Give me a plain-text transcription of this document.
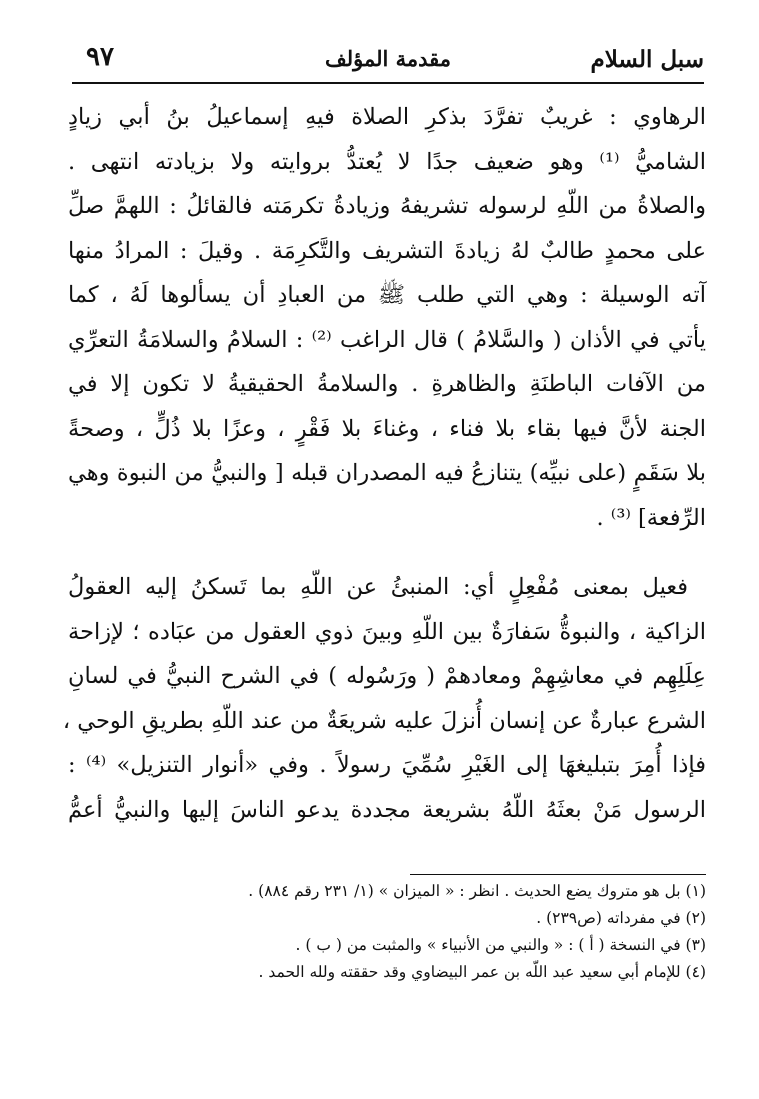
سبل السلام
مقدمة المؤلف
٩٧
الرهاوي : غريبٌ تفرَّدَ بذكرِ الصلاة فيهِ إسماعيلُ بنُ أبي زيادٍ
الشاميُّ ⁽¹⁾ وهو ضعيف جدًا لا يُعتدُّ بروايته ولا بزيادته انتهى .
والصلاةُ من اللّهِ لرسوله تشريفهُ وزيادةُ تكرمَته فالقائلُ : اللهمَّ صلِّ
على محمدٍ طالبٌ لهُ زيادةَ التشريف والتَّكرِمَة . وقيلَ : المرادُ منها
آته الوسيلة : وهي التي طلب ﷺ من العبادِ أن يسألوها لَهُ ، كما
يأتي في الأذان ( والسَّلامُ ) قال الراغب ⁽²⁾ : السلامُ والسلامَةُ التعرِّي
من الآفات الباطنَةِ والظاهرةِ . والسلامةُ الحقيقيةُ لا تكون إلا في
الجنة لأنَّ فيها بقاء بلا فناء ، وغناءَ بلا فَقْرٍ ، وعزًا بلا ذُلٍّ ، وصحةً
بلا سَقَمٍ (على نبيِّه) يتنازعُ فيه المصدران قبله [ والنبيُّ من النبوة وهي
الرِّفعة] ⁽³⁾ .
فعيل بمعنى مُفْعِلٍ أي: المنبئُ عن اللّهِ بما تَسكنُ إليه العقولُ
الزاكية ، والنبوةُّ سَفارَةٌ بين اللّهِ وبينَ ذوي العقول من عبَاده ؛ لإزاحة
عِلَلِهِم في معاشِهِمْ ومعادهمْ ( ورَسُوله ) في الشرح النبيُّ في لسانِ
الشرع عبارةٌ عن إنسان أُنزلَ عليه شريعَةٌ من عند اللّهِ بطريقِ الوحي ،
فإذا أُمِرَ بتبليغهَا إلى الغَيْرِ سُمِّيَ رسولاً . وفي «أنوار التنزيل» ⁽⁴⁾ :
الرسول مَنْ بعثَهُ اللّهُ بشريعة مجددة يدعو الناسَ إليها والنبيُّ أعمُّ
(١) بل هو متروك يضع الحديث . انظر : « الميزان » (١/ ٢٣١ رقم ٨٨٤) .
(٢) في مفرداته (ص٢٣٩) .
(٣) في النسخة ( أ ) : « والنبي من الأنبياء » والمثبت من ( ب ) .
(٤) للإمام أبي سعيد عبد اللّه بن عمر البيضاوي وقد حققته ولله الحمد .
